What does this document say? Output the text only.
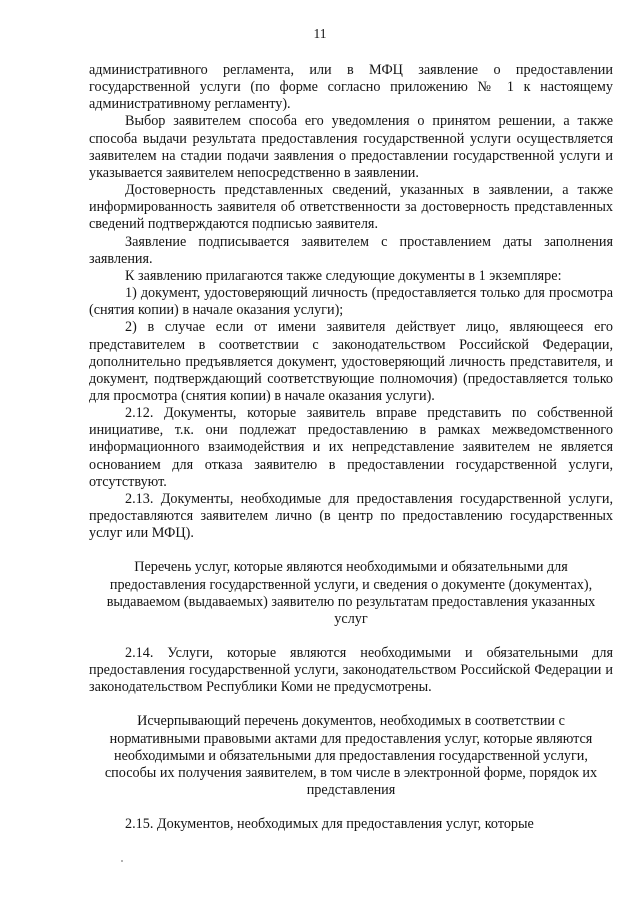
11

административного регламента, или в МФЦ заявление о предоставлении государственной услуги (по форме согласно приложению № 1 к настоящему административному регламенту).

Выбор заявителем способа его уведомления о принятом решении, а также способа выдачи результата предоставления государственной услуги осуществляется заявителем на стадии подачи заявления о предоставлении государственной услуги и указывается заявителем непосредственно в заявлении.

Достоверность представленных сведений, указанных в заявлении, а также информированность заявителя об ответственности за достоверность представленных сведений подтверждаются подписью заявителя.

Заявление подписывается заявителем с проставлением даты заполнения заявления.

К заявлению прилагаются также следующие документы в 1 экземпляре:

1) документ, удостоверяющий личность (предоставляется только для просмотра (снятия копии) в начале оказания услуги);

2) в случае если от имени заявителя действует лицо, являющееся его представителем в соответствии с законодательством Российской Федерации, дополнительно предъявляется документ, удостоверяющий личность представителя, и документ, подтверждающий соответствующие полномочия) (предоставляется только для просмотра (снятия копии) в начале оказания услуги).

2.12. Документы, которые заявитель вправе представить по собственной инициативе, т.к. они подлежат предоставлению в рамках межведомственного информационного взаимодействия и их непредставление заявителем не является основанием для отказа заявителю в предоставлении государственной услуги, отсутствуют.

2.13. Документы, необходимые для предоставления государственной услуги, предоставляются заявителем лично (в центр по предоставлению государственных услуг или МФЦ).

Перечень услуг, которые являются необходимыми и обязательными для предоставления государственной услуги, и сведения о документе (документах), выдаваемом (выдаваемых) заявителю по результатам предоставления указанных услуг

2.14. Услуги, которые являются необходимыми и обязательными для предоставления государственной услуги, законодательством Российской Федерации и законодательством Республики Коми не предусмотрены.

Исчерпывающий перечень документов, необходимых в соответствии с нормативными правовыми актами для предоставления услуг, которые являются необходимыми и обязательными для предоставления государственной услуги, способы их получения заявителем, в том числе в электронной форме, порядок их представления

2.15. Документов, необходимых для предоставления услуг, которые
